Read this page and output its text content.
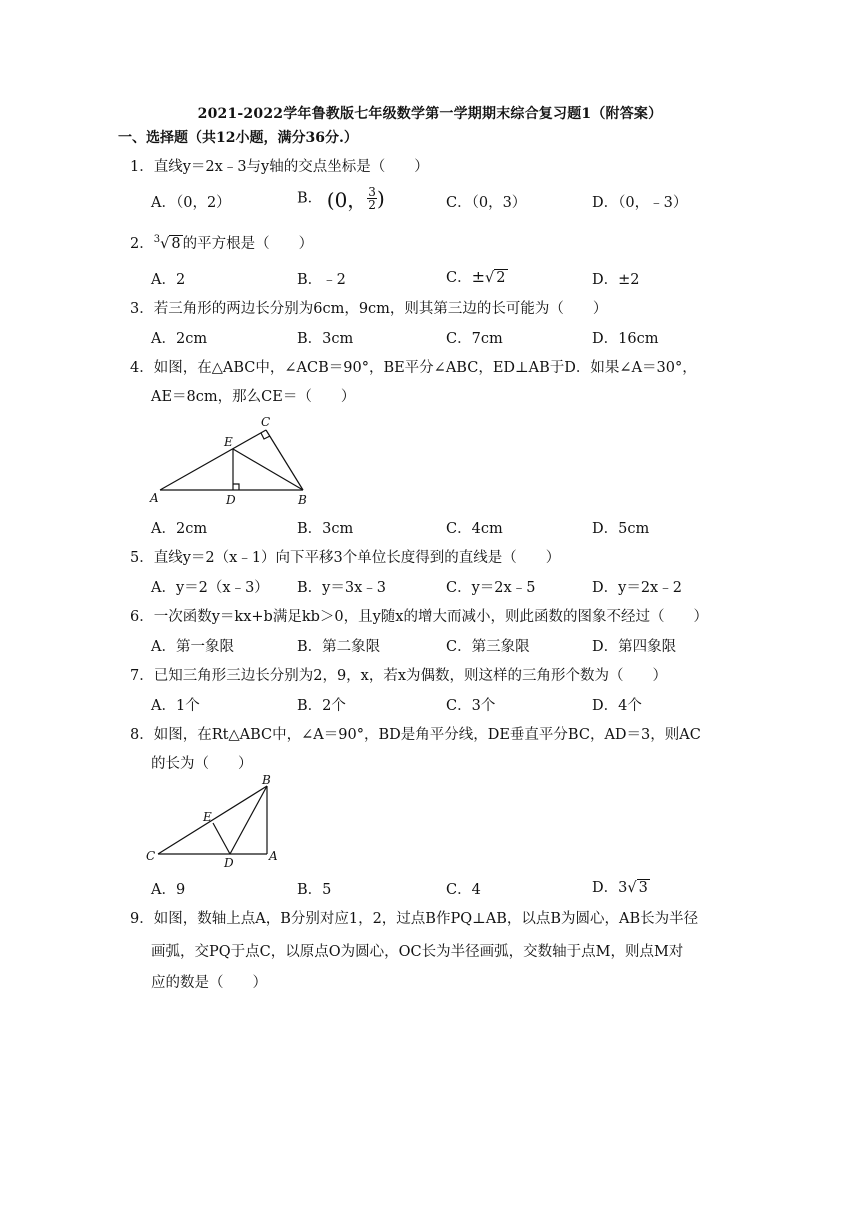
2021-2022学年鲁教版七年级数学第一学期期末综合复习题1（附答案）
一、选择题（共12小题，满分36分.）
1．直线y＝2x﹣3与y轴的交点坐标是（　　）
A．（0，2）	B． (0， $\frac{3}{2}$ )	C．（0，3）	D．（0，﹣3）
2．$^3$√ 8 的平方根是（　　）
A．2	B．﹣2	C．±√ 2	D．±2
3．若三角形的两边长分别为6cm，9cm，则其第三边的长可能为（　　）
A．2cm	B．3cm	C．7cm	D．16cm
4．如图，在△ABC中，∠ACB＝90°，BE平分∠ABC，ED⊥AB于D．如果∠A＝30°，
AE＝8cm，那么CE＝（　　）
A	B
C
D
E
A．2cm	B．3cm	C．4cm	D．5cm
5．直线y＝2（x﹣1）向下平移3个单位长度得到的直线是（　　）
A．y＝2（x﹣3） B．y＝3x﹣3	C．y＝2x﹣5	D．y＝2x﹣2
6．一次函数y＝kx+b满足kb＞0，且y随x的增大而减小，则此函数的图象不经过（　　）
A．第一象限	B．第二象限	C．第三象限	D．第四象限
7．已知三角形三边长分别为2，9，x，若x为偶数，则这样的三角形个数为（　　）
A．1个	B．2个	C．3个	D．4个
8．如图，在Rt△ABC中，∠A＝90°，BD是角平分线，DE垂直平分BC，AD＝3，则AC
的长为（　　）
C	A
B
D
E
A．9	B．5	C．4	D．3√ 3
9．如图，数轴上点A，B分别对应1，2，过点B作PQ⊥AB，以点B为圆心，AB长为半径
画弧，交PQ于点C，以原点O为圆心，OC长为半径画弧，交数轴于点M，则点M对
应的数是（　　）
